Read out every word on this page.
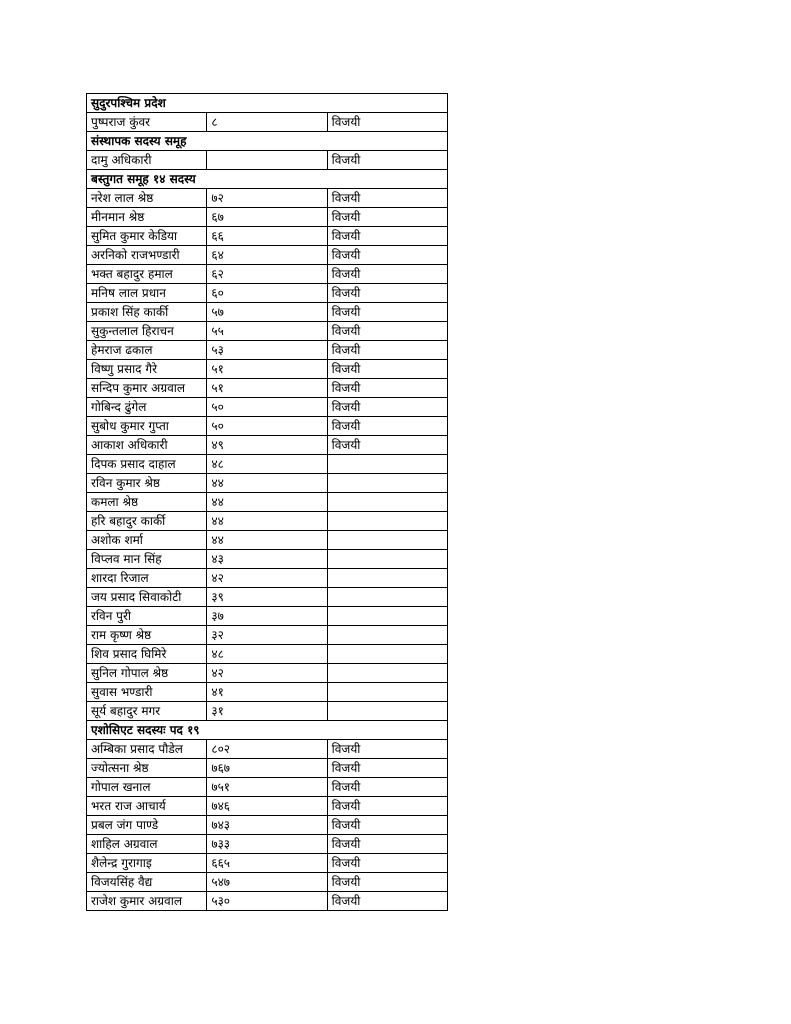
सुदुरपश्चिम प्रदेश		
पुष्पराज कुंवर	८	विजयी
संस्थापक सदस्य समूह		
दामु अधिकारी		विजयी
बस्तुगत समूह १४ सदस्य		
नरेश लाल श्रेष्ठ	७२	विजयी
मीनमान श्रेष्ठ	६७	विजयी
सुमित कुमार केडिया	६६	विजयी
अरनिको राजभण्डारी	६४	विजयी
भक्त बहादुर हमाल	६२	विजयी
मनिष लाल प्रधान	६०	विजयी
प्रकाश सिंह कार्की	५७	विजयी
सुकुन्तलाल हिराचन	५५	विजयी
हेमराज ढकाल	५३	विजयी
विष्णु प्रसाद गैरे	५१	विजयी
सन्दिप कुमार अग्रवाल	५१	विजयी
गोबिन्द ढुंगेल	५०	विजयी
सुबोध कुमार गुप्ता	५०	विजयी
आकाश अधिकारी	४९	विजयी
दिपक प्रसाद दाहाल	४८	
रविन कुमार श्रेष्ठ	४४	
कमला श्रेष्ठ	४४	
हरि बहादुर कार्की	४४	
अशोक शर्मा	४४	
विप्लव मान सिंह	४३	
शारदा रिजाल	४२	
जय प्रसाद सिवाकोटी	३९	
रविन पुरी	३७	
राम कृष्ण श्रेष्ठ	३२	
शिव प्रसाद घिमिरे	४८	
सुनिल गोपाल श्रेष्ठ	४२	
सुवास भण्डारी	४१	
सूर्य बहादुर मगर	३१	
एशोसिएट सदस्यः पद १९		
अम्बिका प्रसाद पौडेल	८०२	विजयी
ज्योत्सना श्रेष्ठ	७६७	विजयी
गोपाल खनाल	७५१	विजयी
भरत राज आचार्य	७४६	विजयी
प्रबल जंग पाण्डे	७४३	विजयी
शाहिल अग्रवाल	७३३	विजयी
शैलेन्द्र गुरागाइ	६६५	विजयी
विजयसिंह वैद्य	५४७	विजयी
राजेश कुमार अग्रवाल	५३०	विजयी
